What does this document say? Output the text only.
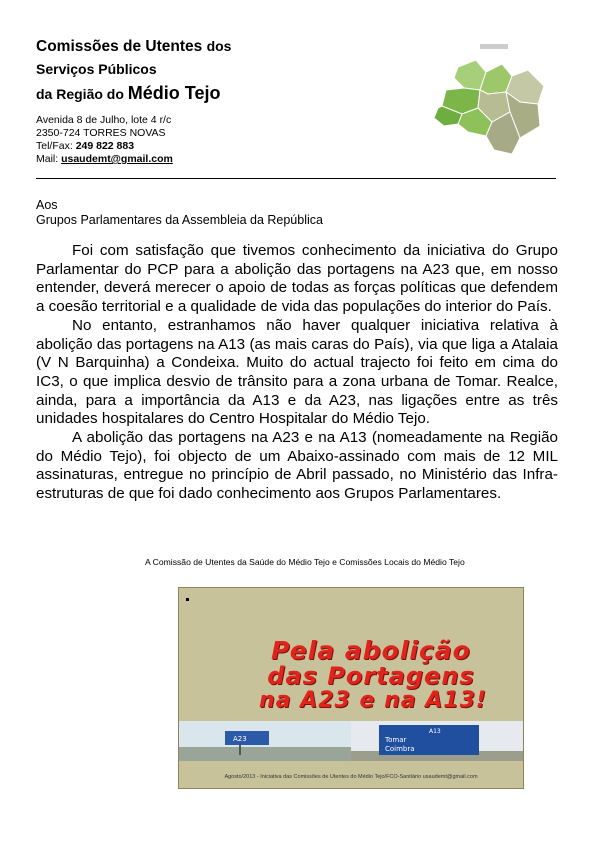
Comissões de Utentes dos
Serviços Públicos
da Região do Médio Tejo
Avenida 8 de Julho, lote 4 r/c
2350-724 TORRES NOVAS
Tel/Fax: 249 822 883
Mail: usaudemt@gmail.com
Aos
Grupos Parlamentares da Assembleia da República

Foi com satisfação que tivemos conhecimento da iniciativa do Grupo Parlamentar do PCP para a abolição das portagens na A23 que, em nosso entender, deverá merecer o apoio de todas as forças políticas que defendem a coesão territorial e a qualidade de vida das populações do interior do País.

No entanto, estranhamos não haver qualquer iniciativa relativa à abolição das portagens na A13 (as mais caras do País), via que liga a Atalaia (V N Barquinha) a Condeixa. Muito do actual trajecto foi feito em cima do IC3, o que implica desvio de trânsito para a zona urbana de Tomar. Realce, ainda, para a importância da A13 e da A23, nas ligações entre as três unidades hospitalares do Centro Hospitalar do Médio Tejo.

A abolição das portagens na A23 e na A13 (nomeadamente na Região do Médio Tejo), foi objecto de um Abaixo-assinado com mais de 12 MIL assinaturas, entregue no princípio de Abril passado, no Ministério das Infra-estruturas de que foi dado conhecimento aos Grupos Parlamentares.

A Comissão de Utentes da Saúde do Médio Tejo e Comissões Locais do Médio Tejo
Pela abolição
das Portagens
na A23 e na A13!
A23
A13
Tomar
Coimbra
Agosto/2013 - Iniciativa das Comissões de Utentes do Médio Tejo/FCO-Sanitário usaudemt@gmail.com
